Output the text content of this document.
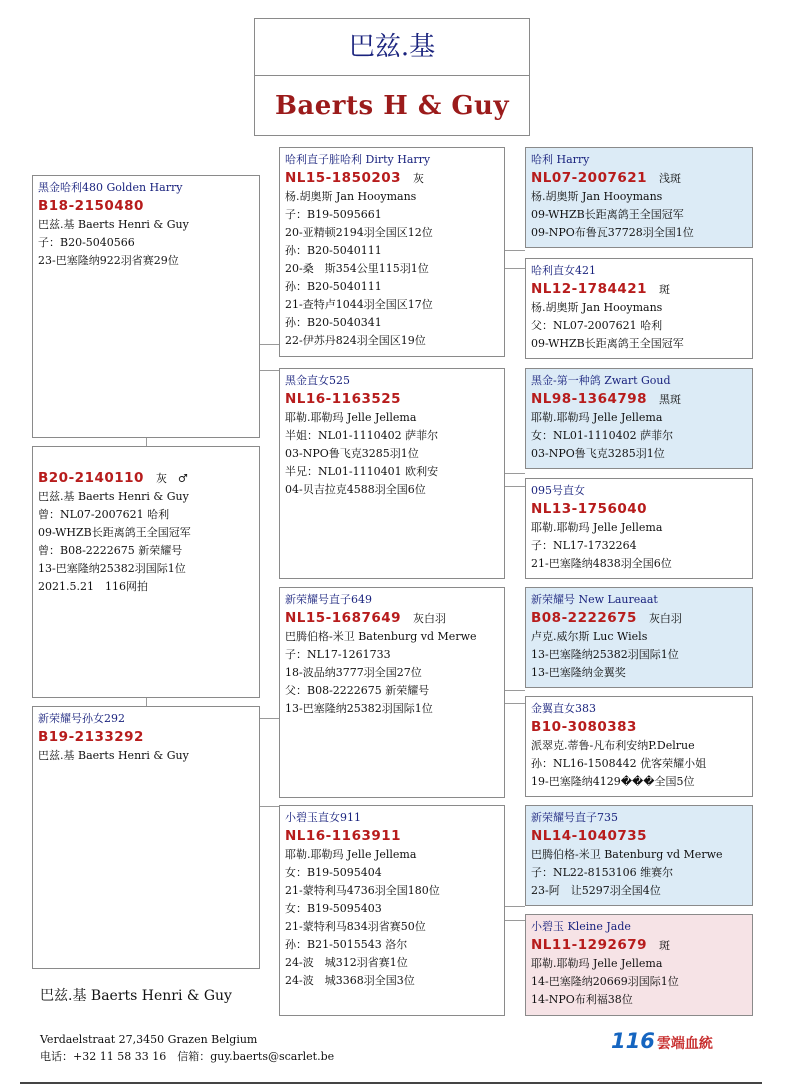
巴兹.基
Baerts H & Guy
黑金哈利480 Golden Harry
B18-2150480
巴兹.基 Baerts Henri & Guy
子：B20-5040566
23-巴塞隆纳922羽省赛29位
B20-2140110 灰　♂
巴兹.基 Baerts Henri & Guy
曾：NL07-2007621 哈利
09-WHZB长距离鸽王全国冠军
曾：B08-2222675 新荣耀号
13-巴塞隆纳25382羽国际1位
2021.5.21　116网拍
新荣耀号孙女292
B19-2133292
巴兹.基 Baerts Henri & Guy
哈利直子脏哈利 Dirty Harry
NL15-1850203 灰
杨.胡奥斯 Jan Hooymans
子：B19-5095661
20-亚精顿2194羽全国区12位
孙：B20-5040111
20-桑　斯354公里115羽1位
孙：B20-5040111
21-查特卢1044羽全国区17位
孙：B20-5040341
22-伊苏丹824羽全国区19位
黑金直女525
NL16-1163525
耶勒.耶勒玛 Jelle Jellema
半姐：NL01-1110402 萨菲尔
03-NPO鲁飞克3285羽1位
半兄：NL01-1110401 欧利安
04-贝吉拉克4588羽全国6位
新荣耀号直子649
NL15-1687649 灰白羽
巴腾伯格-米卫 Batenburg vd Merwe
子：NL17-1261733
18-波品纳3777羽全国27位
父：B08-2222675 新荣耀号
13-巴塞隆纳25382羽国际1位
小碧玉直女911
NL16-1163911
耶勒.耶勒玛 Jelle Jellema
女：B19-5095404
21-蒙特利马4736羽全国180位
女：B19-5095403
21-蒙特利马834羽省赛50位
孙：B21-5015543 洛尔
24-波　城312羽省赛1位
24-波　城3368羽全国3位
哈利 Harry
NL07-2007621 浅斑
杨.胡奥斯 Jan Hooymans
09-WHZB长距离鸽王全国冠军
09-NPO布鲁瓦37728羽全国1位
哈利直女421
NL12-1784421 斑
杨.胡奥斯 Jan Hooymans
父：NL07-2007621 哈利
09-WHZB长距离鸽王全国冠军
黑金-第一种鸽 Zwart Goud
NL98-1364798 黑斑
耶勒.耶勒玛 Jelle Jellema
女：NL01-1110402 萨菲尔
03-NPO鲁飞克3285羽1位
095号直女
NL13-1756040
耶勒.耶勒玛 Jelle Jellema
子：NL17-1732264
21-巴塞隆纳4838羽全国6位
新荣耀号 New Laureaat
B08-2222675 灰白羽
卢克.威尔斯 Luc Wiels
13-巴塞隆纳25382羽国际1位
13-巴塞隆纳金翼奖
金翼直女383
B10-3080383
派翠克.蒂鲁-凡布利安纳P.Delrue
孙：NL16-1508442 优客荣耀小姐
19-巴塞隆纳4129���全国5位
新荣耀号直子735
NL14-1040735
巴腾伯格-米卫 Batenburg vd Merwe
子：NL22-8153106 维赛尔
23-阿　让5297羽全国4位
小碧玉 Kleine Jade
NL11-1292679 斑
耶勒.耶勒玛 Jelle Jellema
14-巴塞隆纳20669羽国际1位
14-NPO布利福38位
巴兹.基 Baerts Henri & Guy
Verdaelstraat 27,3450 Grazen Belgium
电话：+32 11 58 33 16　信箱：guy.baerts@scarlet.be
116 雲端血統
